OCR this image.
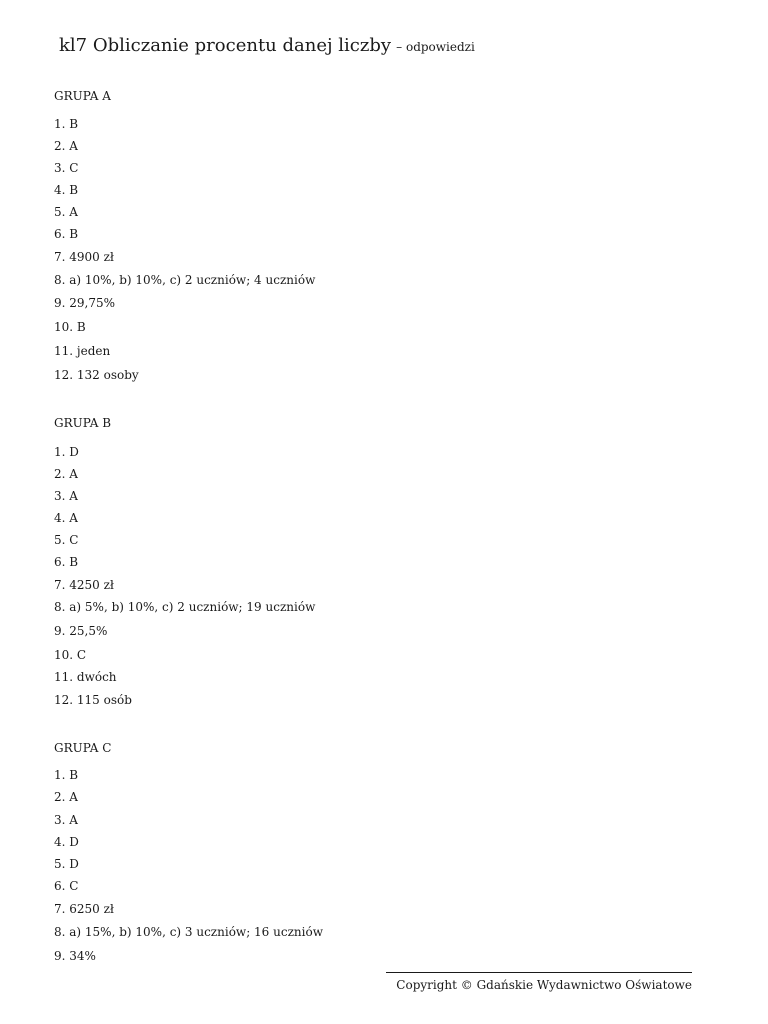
kl7 Obliczanie procentu danej liczby – odpowiedzi
GRUPA A
1. B
2. A
3. C
4. B
5. A
6. B
7. 4900 zł
8. a) 10%, b) 10%, c) 2 uczniów; 4 uczniów
9. 29,75%
10. B
11. jeden
12. 132 osoby
GRUPA B
1. D
2. A
3. A
4. A
5. C
6. B
7. 4250 zł
8. a) 5%, b) 10%, c) 2 uczniów; 19 uczniów
9. 25,5%
10. C
11. dwóch
12. 115 osób
GRUPA C
1. B
2. A
3. A
4. D
5. D
6. C
7. 6250 zł
8. a) 15%, b) 10%, c) 3 uczniów; 16 uczniów
9. 34%
Copyright © Gdańskie Wydawnictwo Oświatowe
